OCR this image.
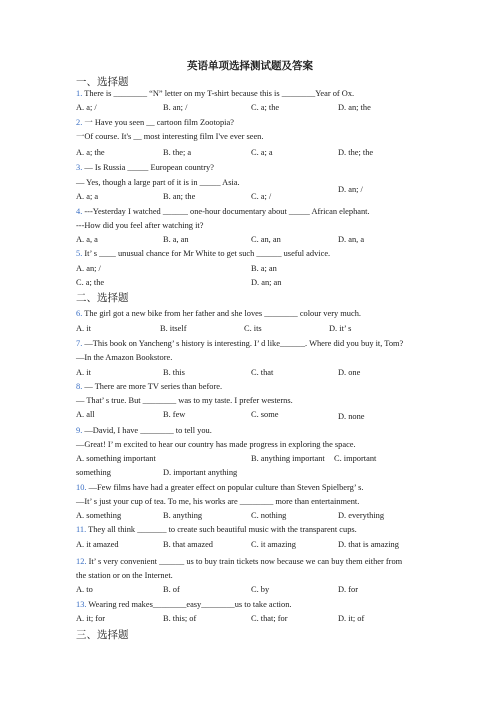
英语单项选择测试题及答案
一、选择题
1. There is ________ “N” letter on my T-shirt because this is ________Year of Ox.
A. a; /	B. an; /	C. a; the	D. an; the
2. 一 Have you seen __ cartoon film Zootopia?
一Of course. It's __ most interesting film I've ever seen.
A. a; the	B. the; a	C. a; a	D. the; the
3. — Is Russia _____ European country?
— Yes, though a large part of it is in _____ Asia.
A. a; a	B. an; the	C. a; /
D. an; /
4. ---Yesterday I watched ______ one-hour documentary about _____ African elephant.
---How did you feel after watching it?
A. a, a	B. a, an	C. an, an	D. an, a
5. It’ s ____ unusual chance for Mr White to get such ______ useful advice.
A. an; /	B. a; an
C. a; the	D. an; an
二、选择题
6. The girl got a new bike from her father and she loves ________ colour very much.
A. it	B. itself	C. its	D. it’ s
7. —This book on Yancheng’ s history is interesting. I’ d like______. Where did you buy it, Tom?
—In the Amazon Bookstore.
A. it	B. this	C. that	D. one
8. — There are more TV series than before.
— That’ s true. But ________ was to my taste. I prefer westerns.
A. all	B. few	C. some	D. none
9. —David, I have ________ to tell you.
—Great! I’ m excited to hear our country has made progress in exploring the space.
A. something important	B. anything important C. important
something	D. important anything
10. —Few films have had a greater effect on popular culture than Steven Spielberg’ s.
—It’ s just your cup of tea. To me, his works are ________ more than entertainment.
A. something	B. anything	C. nothing	D. everything
11. They all think _______ to create such beautiful music with the transparent cups.
A. it amazed	B. that amazed	C. it amazing	D. that is amazing
12. It’ s very convenient ______ us to buy train tickets now because we can buy them either from
the station or on the Internet.
A. to	B. of	C. by	D. for
13. Wearing red makes________easy________us to take action.
A. it; for	B. this; of	C. that; for	D. it; of
三、选择题
